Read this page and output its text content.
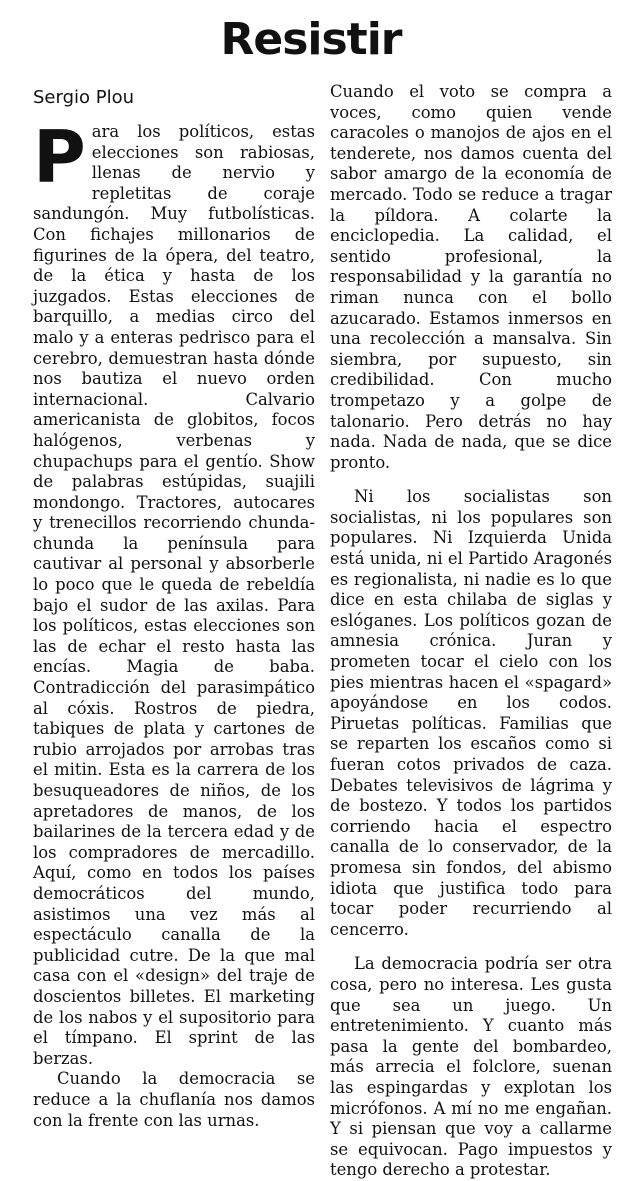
Resistir
Sergio Plou

Para los políticos, estas elecciones son rabiosas, llenas de nervio y repletitas de coraje sandungón. Muy futbolísticas. Con fichajes millonarios de figurines de la ópera, del teatro, de la ética y hasta de los juzgados. Estas elecciones de barquillo, a medias circo del malo y a enteras pedrisco para el cerebro, demuestran hasta dónde nos bautiza el nuevo orden internacional. Calvario americanista de globitos, focos halógenos, verbenas y chupachups para el gentío. Show de palabras estúpidas, suajili mondongo. Tractores, autocares y trenecillos recorriendo chunda-chunda la península para cautivar al personal y absorberle lo poco que le queda de rebeldía bajo el sudor de las axilas. Para los políticos, estas elecciones son las de echar el resto hasta las encías. Magia de baba. Contradicción del parasimpático al cóxis. Rostros de piedra, tabiques de plata y cartones de rubio arrojados por arrobas tras el mitin. Esta es la carrera de los besuqueadores de niños, de los apretadores de manos, de los bailarines de la tercera edad y de los compradores de mercadillo. Aquí, como en todos los países democráticos del mundo, asistimos una vez más al espectáculo canalla de la publicidad cutre. De la que mal casa con el «design» del traje de doscientos billetes. El marketing de los nabos y el supositorio para el tímpano. El sprint de las berzas.

Cuando la democracia se reduce a la chuflanía nos damos con la frente con las urnas.

Cuando el voto se compra a voces, como quien vende caracoles o manojos de ajos en el tenderete, nos damos cuenta del sabor amargo de la economía de mercado. Todo se reduce a tragar la píldora. A colarte la enciclopedia. La calidad, el sentido profesional, la responsabilidad y la garantía no riman nunca con el bollo azucarado. Estamos inmersos en una recolección a mansalva. Sin siembra, por supuesto, sin credibilidad. Con mucho trompetazo y a golpe de talonario. Pero detrás no hay nada. Nada de nada, que se dice pronto.

Ni los socialistas son socialistas, ni los populares son populares. Ni Izquierda Unida está unida, ni el Partido Aragonés es regionalista, ni nadie es lo que dice en esta chilaba de siglas y eslóganes. Los políticos gozan de amnesia crónica. Juran y prometen tocar el cielo con los pies mientras hacen el «spagard» apoyándose en los codos. Piruetas políticas. Familias que se reparten los escaños como si fueran cotos privados de caza. Debates televisivos de lágrima y de bostezo. Y todos los partidos corriendo hacia el espectro canalla de lo conservador, de la promesa sin fondos, del abismo idiota que justifica todo para tocar poder recurriendo al cencerro.

La democracia podría ser otra cosa, pero no interesa. Les gusta que sea un juego. Un entretenimiento. Y cuanto más pasa la gente del bombardeo, más arrecia el folclore, suenan las espingardas y explotan los micrófonos. A mí no me engañan. Y si piensan que voy a callarme se equivocan. Pago impuestos y tengo derecho a protestar.
